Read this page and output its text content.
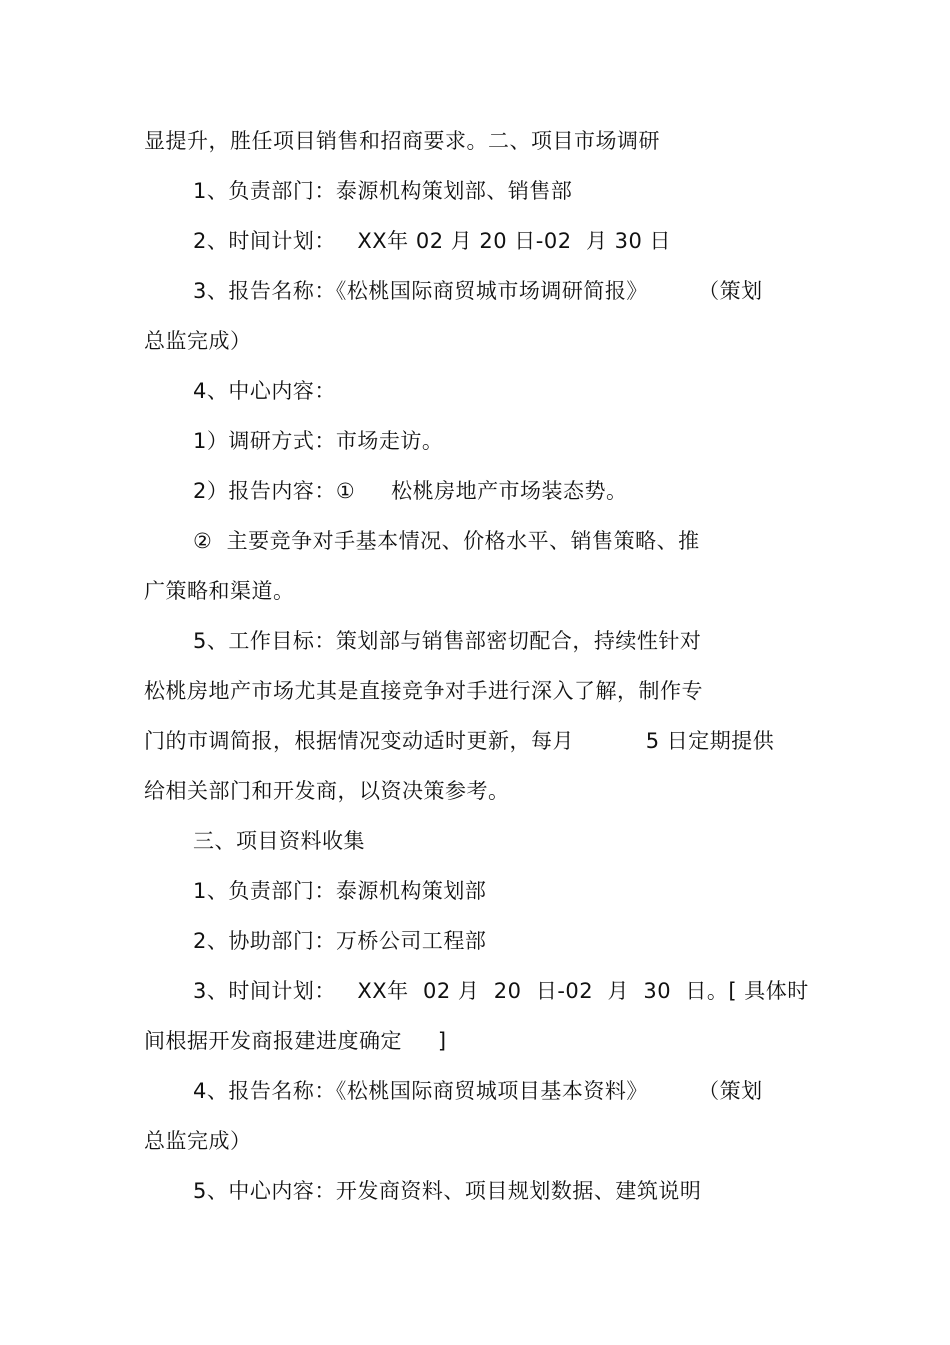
显提升，胜任项目销售和招商要求。二、项目市场调研
1、负责部门：泰源机构策划部、销售部
2、时间计划：   XX年 02 月 20 日-02  月 30 日
3、报告名称：《松桃国际商贸城市场调研简报》       （策划
总监完成）
4、中心内容：
1）调研方式：市场走访。
2）报告内容：①     松桃房地产市场装态势。
②  主要竞争对手基本情况、价格水平、销售策略、推
广策略和渠道。
5、工作目标：策划部与销售部密切配合，持续性针对
松桃房地产市场尤其是直接竞争对手进行深入了解，制作专
门的市调简报，根据情况变动适时更新，每月          5 日定期提供
给相关部门和开发商，以资决策参考。
三、项目资料收集
1、负责部门：泰源机构策划部
2、协助部门：万桥公司工程部
3、时间计划：   XX年  02 月  20  日-02  月  30  日。[ 具体时
间根据开发商报建进度确定     ]
4、报告名称：《松桃国际商贸城项目基本资料》       （策划
总监完成）
5、中心内容：开发商资料、项目规划数据、建筑说明
